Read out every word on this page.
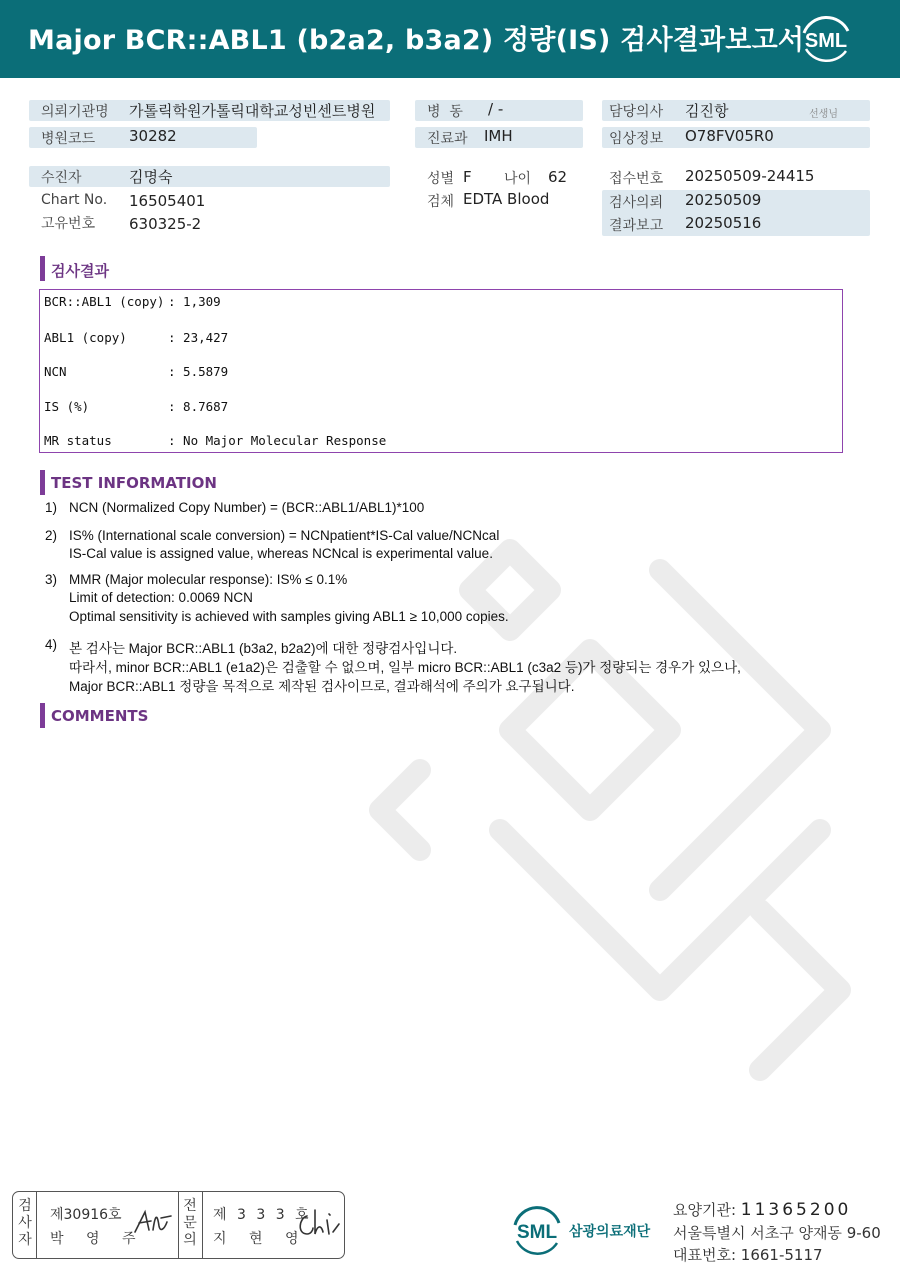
Major BCR::ABL1 (b2a2, b3a2) 정량(IS) 검사결과보고서 SML
의뢰기관명 가톨릭학원가톨릭대학교성빈센트병원
병원코드 30282
병  동 / -
진료과 IMH
담당의사 김진항	선생님
임상정보 O78FV05R0
수진자	김명숙
Chart No. 16505401
고유번호 630325-2
성별 F 나이 62
검체 EDTA Blood
접수번호 20250509-24415
검사의뢰 20250509
결과보고 20250516
검사결과
BCR::ABL1 (copy) : 1,309
ABL1 (copy)	: 23,427
NCN	: 5.5879
IS (%)	: 8.7687
MR status	: No Major Molecular Response
TEST INFORMATION
1) NCN (Normalized Copy Number) = (BCR::ABL1/ABL1)*100
2) IS% (International scale conversion) = NCNpatient*IS-Cal value/NCNcal
IS-Cal value is assigned value, whereas NCNcal is experimental value.
3) MMR (Major molecular response): IS% ≤ 0.1%
Limit of detection: 0.0069 NCN
Optimal sensitivity is achieved with samples giving ABL1 ≥ 10,000 copies.
4) 본 검사는 Major BCR::ABL1 (b3a2, b2a2)에 대한 정량검사입니다.
따라서, minor BCR::ABL1 (e1a2)은 검출할 수 없으며, 일부 micro BCR::ABL1 (c3a2 등)가 정량되는 경우가 있으나,
Major BCR::ABL1 정량을 목적으로 제작된 검사이므로, 결과해석에 주의가 요구됩니다.
COMMENTS
검
사
자
제30916호
박 영 주
전
문
의
제 3 3 3 호
지 현 영	SML 삼광의료재단
요양기관: 11365200
서울특별시 서초구 양재동 9-60
대표번호: 1661-5117
